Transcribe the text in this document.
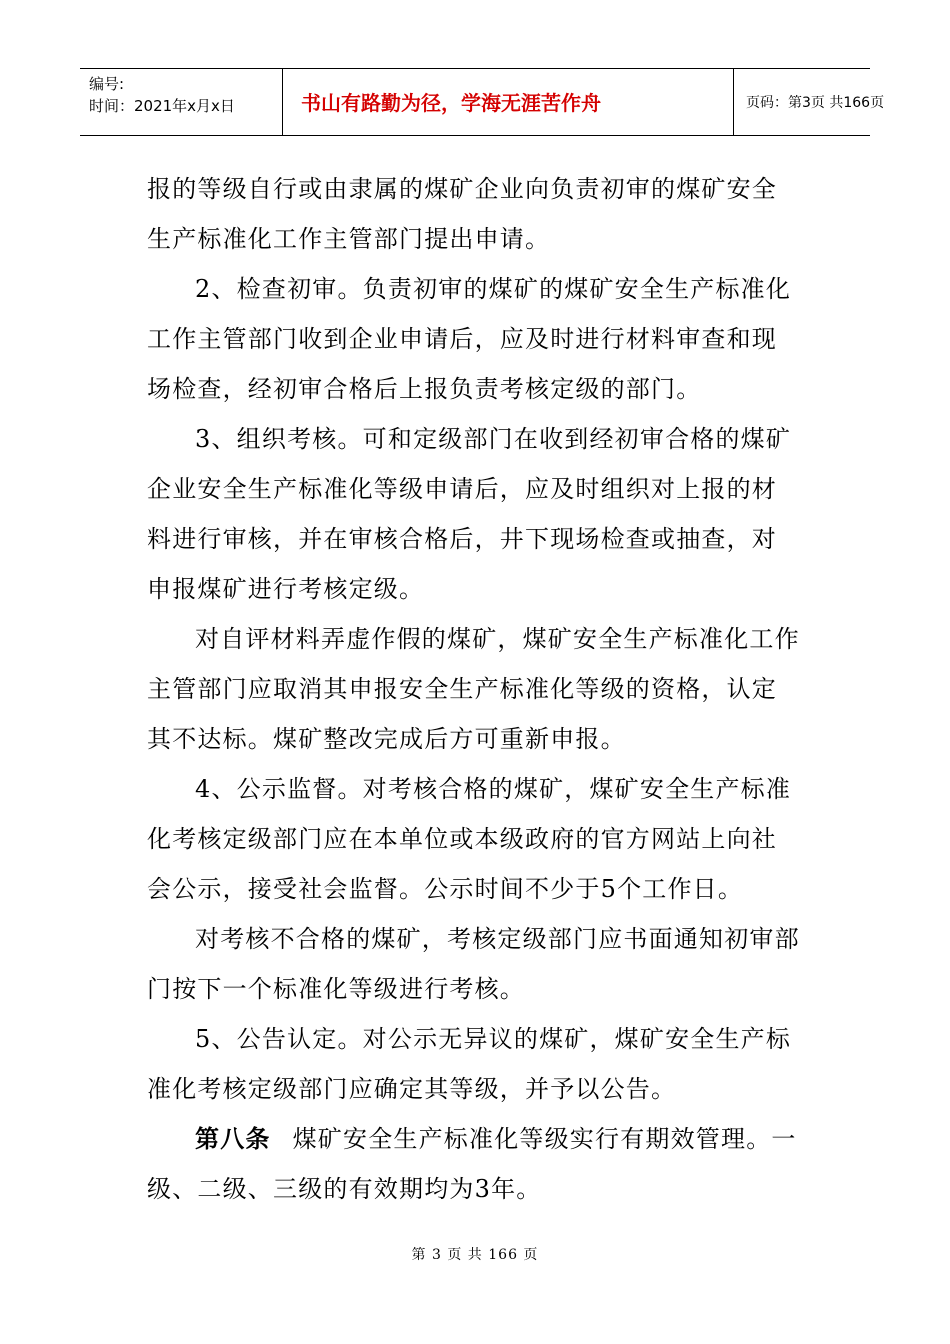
编号:
时间：2021年x月x日	书山有路勤为径，学海无涯苦作舟	页码：第3页 共166页
报的等级自行或由隶属的煤矿企业向负责初审的煤矿安全
生产标准化工作主管部门提出申请。
2、检查初审。负责初审的煤矿的煤矿安全生产标准化
工作主管部门收到企业申请后，应及时进行材料审查和现
场检查，经初审合格后上报负责考核定级的部门。
3、组织考核。可和定级部门在收到经初审合格的煤矿
企业安全生产标准化等级申请后，应及时组织对上报的材
料进行审核，并在审核合格后，井下现场检查或抽查，对
申报煤矿进行考核定级。
对自评材料弄虚作假的煤矿，煤矿安全生产标准化工作
主管部门应取消其申报安全生产标准化等级的资格，认定
其不达标。煤矿整改完成后方可重新申报。
4、公示监督。对考核合格的煤矿，煤矿安全生产标准
化考核定级部门应在本单位或本级政府的官方网站上向社
会公示，接受社会监督。公示时间不少于5个工作日。
对考核不合格的煤矿，考核定级部门应书面通知初审部
门按下一个标准化等级进行考核。
5、公告认定。对公示无异议的煤矿，煤矿安全生产标
准化考核定级部门应确定其等级，并予以公告。
第八条 煤矿安全生产标准化等级实行有期效管理。一
级、二级、三级的有效期均为3年。
第 3 页 共 166 页
